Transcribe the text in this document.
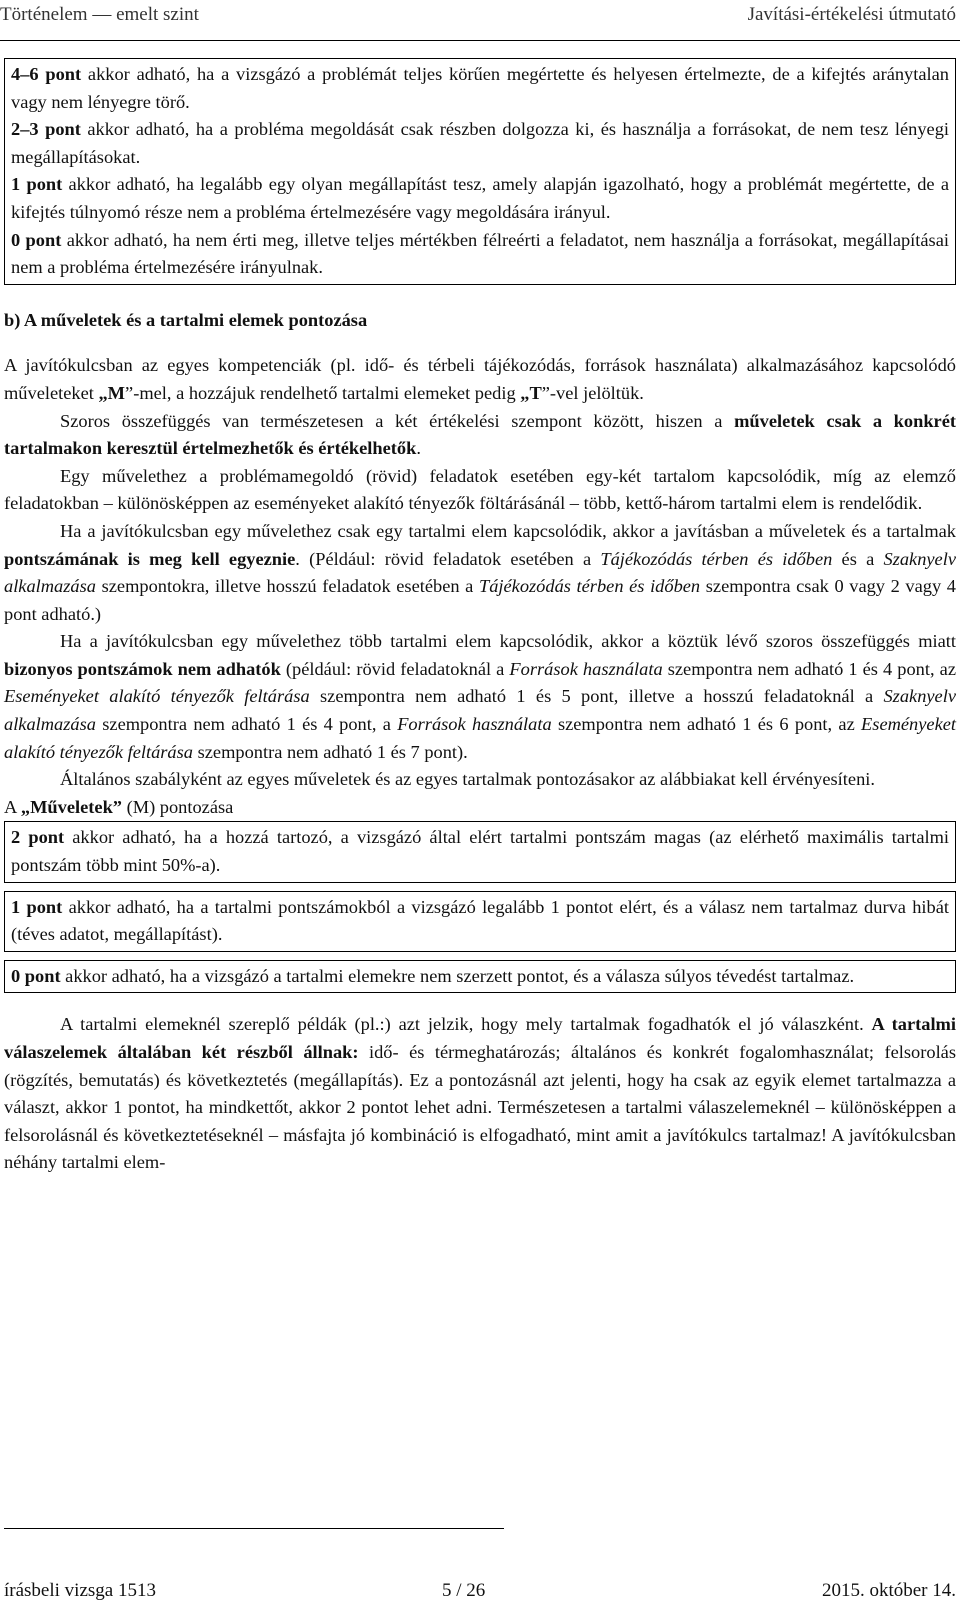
Történelem — emelt szint	Javítási-értékelési útmutató

4–6 pont akkor adható, ha a vizsgázó a problémát teljes körűen megértette és helyesen értelmezte, de a kifejtés aránytalan vagy nem lényegre törő.

2–3 pont akkor adható, ha a probléma megoldását csak részben dolgozza ki, és használja a forrásokat, de nem tesz lényegi megállapításokat.

1 pont akkor adható, ha legalább egy olyan megállapítást tesz, amely alapján igazolható, hogy a problémát megértette, de a kifejtés túlnyomó része nem a probléma értelmezésére vagy megoldására irányul.

0 pont akkor adható, ha nem érti meg, illetve teljes mértékben félreérti a feladatot, nem használja a forrásokat, megállapításai nem a probléma értelmezésére irányulnak.

b) A műveletek és a tartalmi elemek pontozása

A javítókulcsban az egyes kompetenciák (pl. idő- és térbeli tájékozódás, források használata) alkalmazásához kapcsolódó műveleteket „M”-mel, a hozzájuk rendelhető tartalmi elemeket pedig „T”-vel jelöltük.

Szoros összefüggés van természetesen a két értékelési szempont között, hiszen a műveletek csak a konkrét tartalmakon keresztül értelmezhetők és értékelhetők.

Egy művelethez a problémamegoldó (rövid) feladatok esetében egy-két tartalom kapcsolódik, míg az elemző feladatokban – különösképpen az eseményeket alakító tényezők föltárásánál – több, kettő-három tartalmi elem is rendelődik.

Ha a javítókulcsban egy művelethez csak egy tartalmi elem kapcsolódik, akkor a javításban a műveletek és a tartalmak pontszámának is meg kell egyeznie. (Például: rövid feladatok esetében a Tájékozódás térben és időben és a Szaknyelv alkalmazása szempontokra, illetve hosszú feladatok esetében a Tájékozódás térben és időben szempontra csak 0 vagy 2 vagy 4 pont adható.)

Ha a javítókulcsban egy művelethez több tartalmi elem kapcsolódik, akkor a köztük lévő szoros összefüggés miatt bizonyos pontszámok nem adhatók (például: rövid feladatoknál a Források használata szempontra nem adható 1 és 4 pont, az Eseményeket alakító tényezők feltárása szempontra nem adható 1 és 5 pont, illetve a hosszú feladatoknál a Szaknyelv alkalmazása szempontra nem adható 1 és 4 pont, a Források használata szempontra nem adható 1 és 6 pont, az Eseményeket alakító tényezők feltárása szempontra nem adható 1 és 7 pont).

Általános szabályként az egyes műveletek és az egyes tartalmak pontozásakor az alábbiakat kell érvényesíteni.

A „Műveletek” (M) pontozása

2 pont akkor adható, ha a hozzá tartozó, a vizsgázó által elért tartalmi pontszám magas (az elérhető maximális tartalmi pontszám több mint 50%-a).

1 pont akkor adható, ha a tartalmi pontszámokból a vizsgázó legalább 1 pontot elért, és a válasz nem tartalmaz durva hibát (téves adatot, megállapítást).

0 pont akkor adható, ha a vizsgázó a tartalmi elemekre nem szerzett pontot, és a válasza súlyos tévedést tartalmaz.

A tartalmi elemeknél szereplő példák (pl.:) azt jelzik, hogy mely tartalmak fogadhatók el jó válaszként. A tartalmi válaszelemek általában két részből állnak: idő- és térmeghatározás; általános és konkrét fogalomhasználat; felsorolás (rögzítés, bemutatás) és következtetés (megállapítás). Ez a pontozásnál azt jelenti, hogy ha csak az egyik elemet tartalmazza a választ, akkor 1 pontot, ha mindkettőt, akkor 2 pontot lehet adni. Természetesen a tartalmi válaszelemeknél – különösképpen a felsorolásnál és következtetéseknél – másfajta jó kombináció is elfogadható, mint amit a javítókulcs tartalmaz! A javítókulcsban néhány tartalmi elem-

írásbeli vizsga 1513	5 / 26	2015. október 14.
